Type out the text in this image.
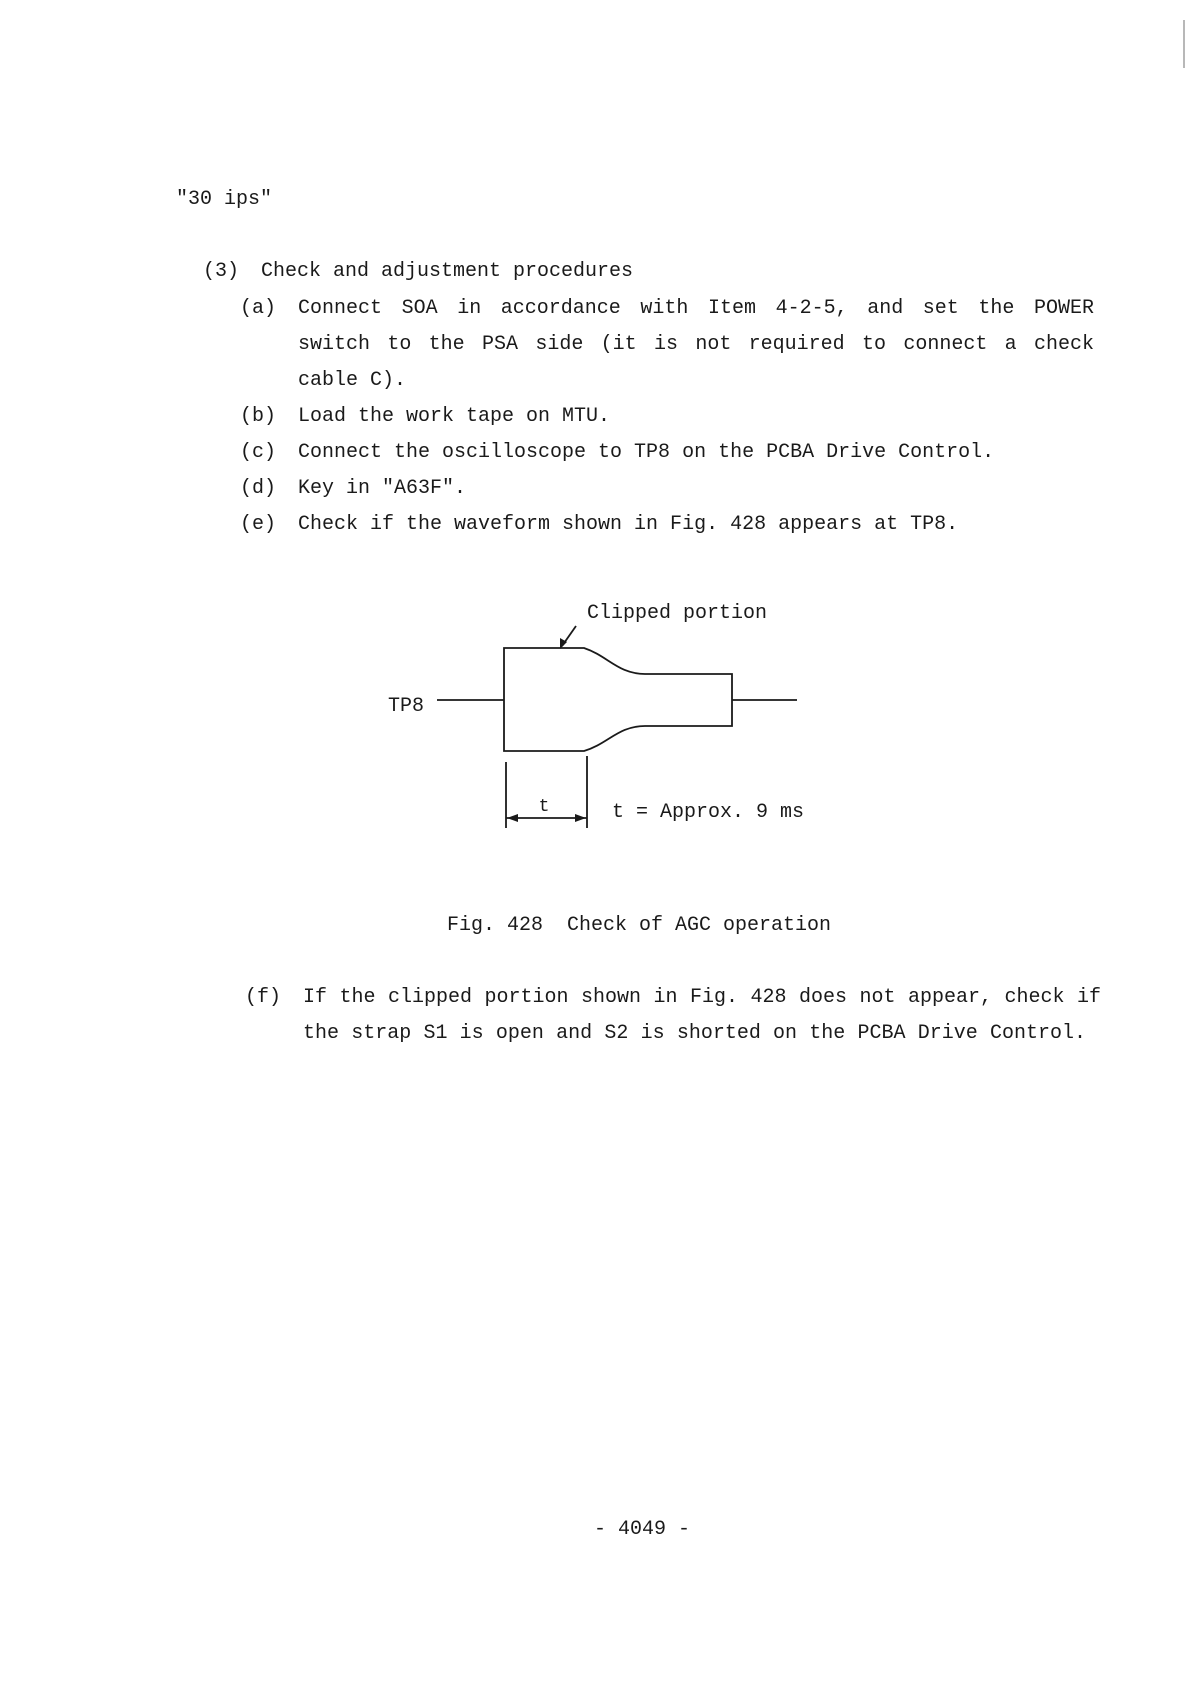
"30 ips"
(3) Check and adjustment procedures
(a) Connect SOA in accordance with Item 4-2-5, and set the POWER
switch to the PSA side (it is not required to connect a check
cable C).
(b) Load the work tape on MTU.
(c) Connect the oscilloscope to TP8 on the PCBA Drive Control.
(d) Key in "A63F".
(e) Check if the waveform shown in Fig. 428 appears at TP8.
Clipped portion
TP8
t	t = Approx. 9 ms
Fig. 428 Check of AGC operation
(f) If the clipped portion shown in Fig. 428 does not appear, check if
the strap S1 is open and S2 is shorted on the PCBA Drive Control.
- 4049 -
